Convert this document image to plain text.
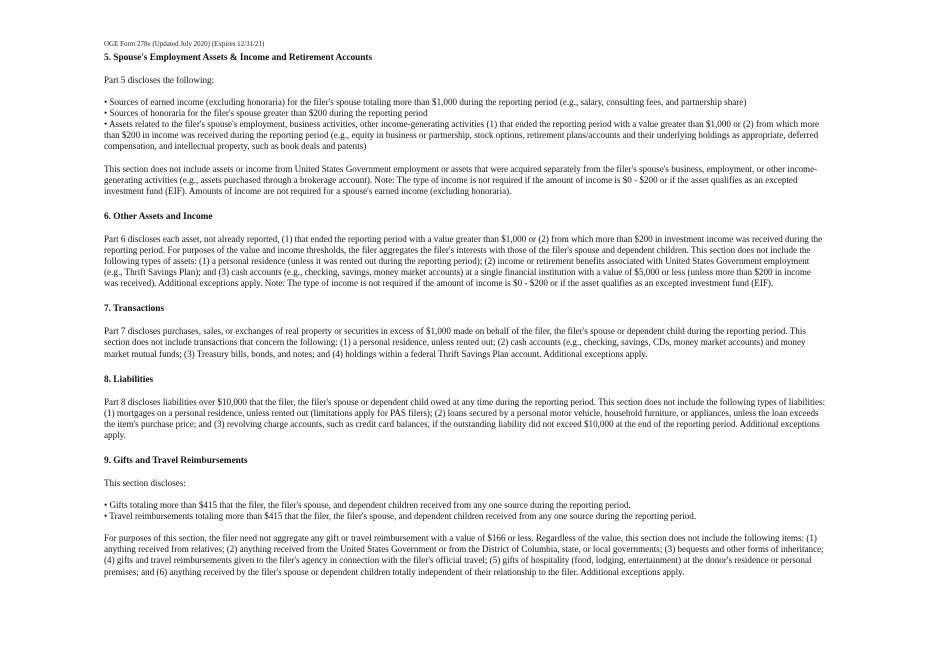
OGE Form 278e (Updated July 2020) (Expires 12/31/21)

5. Spouse's Employment Assets & Income and Retirement Accounts

Part 5 discloses the following:

• Sources of earned income (excluding honoraria) for the filer's spouse totaling more than $1,000 during the reporting period (e.g., salary, consulting fees, and partnership share)
• Sources of honoraria for the filer's spouse greater than $200 during the reporting period
• Assets related to the filer's spouse's employment, business activities, other income-generating activities (1) that ended the reporting period with a value greater than $1,000 or (2) from which more than $200 in income was received during the reporting period (e.g., equity in business or partnership, stock options, retirement plans/accounts and their underlying holdings as appropriate, deferred compensation, and intellectual property, such as book deals and patents)

This section does not include assets or income from United States Government employment or assets that were acquired separately from the filer's spouse's business, employment, or other income-generating activities (e.g., assets purchased through a brokerage account). Note: The type of income is not required if the amount of income is $0 - $200 or if the asset qualifies as an excepted investment fund (EIF). Amounts of income are not required for a spouse's earned income (excluding honoraria).

6. Other Assets and Income

Part 6 discloses each asset, not already reported, (1) that ended the reporting period with a value greater than $1,000 or (2) from which more than $200 in investment income was received during the reporting period. For purposes of the value and income thresholds, the filer aggregates the filer's interests with those of the filer's spouse and dependent children. This section does not include the following types of assets: (1) a personal residence (unless it was rented out during the reporting period); (2) income or retirement benefits associated with United States Government employment (e.g., Thrift Savings Plan); and (3) cash accounts (e.g., checking, savings, money market accounts) at a single financial institution with a value of $5,000 or less (unless more than $200 in income was received). Additional exceptions apply. Note: The type of income is not required if the amount of income is $0 - $200 or if the asset qualifies as an excepted investment fund (EIF).

7. Transactions

Part 7 discloses purchases, sales, or exchanges of real property or securities in excess of $1,000 made on behalf of the filer, the filer's spouse or dependent child during the reporting period. This section does not include transactions that concern the following: (1) a personal residence, unless rented out; (2) cash accounts (e.g., checking, savings, CDs, money market accounts) and money market mutual funds; (3) Treasury bills, bonds, and notes; and (4) holdings within a federal Thrift Savings Plan account. Additional exceptions apply.

8. Liabilities

Part 8 discloses liabilities over $10,000 that the filer, the filer's spouse or dependent child owed at any time during the reporting period. This section does not include the following types of liabilities: (1) mortgages on a personal residence, unless rented out (limitations apply for PAS filers); (2) loans secured by a personal motor vehicle, household furniture, or appliances, unless the loan exceeds the item's purchase price; and (3) revolving charge accounts, such as credit card balances, if the outstanding liability did not exceed $10,000 at the end of the reporting period. Additional exceptions apply.

9. Gifts and Travel Reimbursements

This section discloses:

• Gifts totaling more than $415 that the filer, the filer's spouse, and dependent children received from any one source during the reporting period.
• Travel reimbursements totaling more than $415 that the filer, the filer's spouse, and dependent children received from any one source during the reporting period.

For purposes of this section, the filer need not aggregate any gift or travel reimbursement with a value of $166 or less. Regardless of the value, this section does not include the following items: (1) anything received from relatives; (2) anything received from the United States Government or from the District of Columbia, state, or local governments; (3) bequests and other forms of inheritance; (4) gifts and travel reimbursements given to the filer's agency in connection with the filer's official travel; (5) gifts of hospitality (food, lodging, entertainment) at the donor's residence or personal premises; and (6) anything received by the filer's spouse or dependent children totally independent of their relationship to the filer. Additional exceptions apply.
